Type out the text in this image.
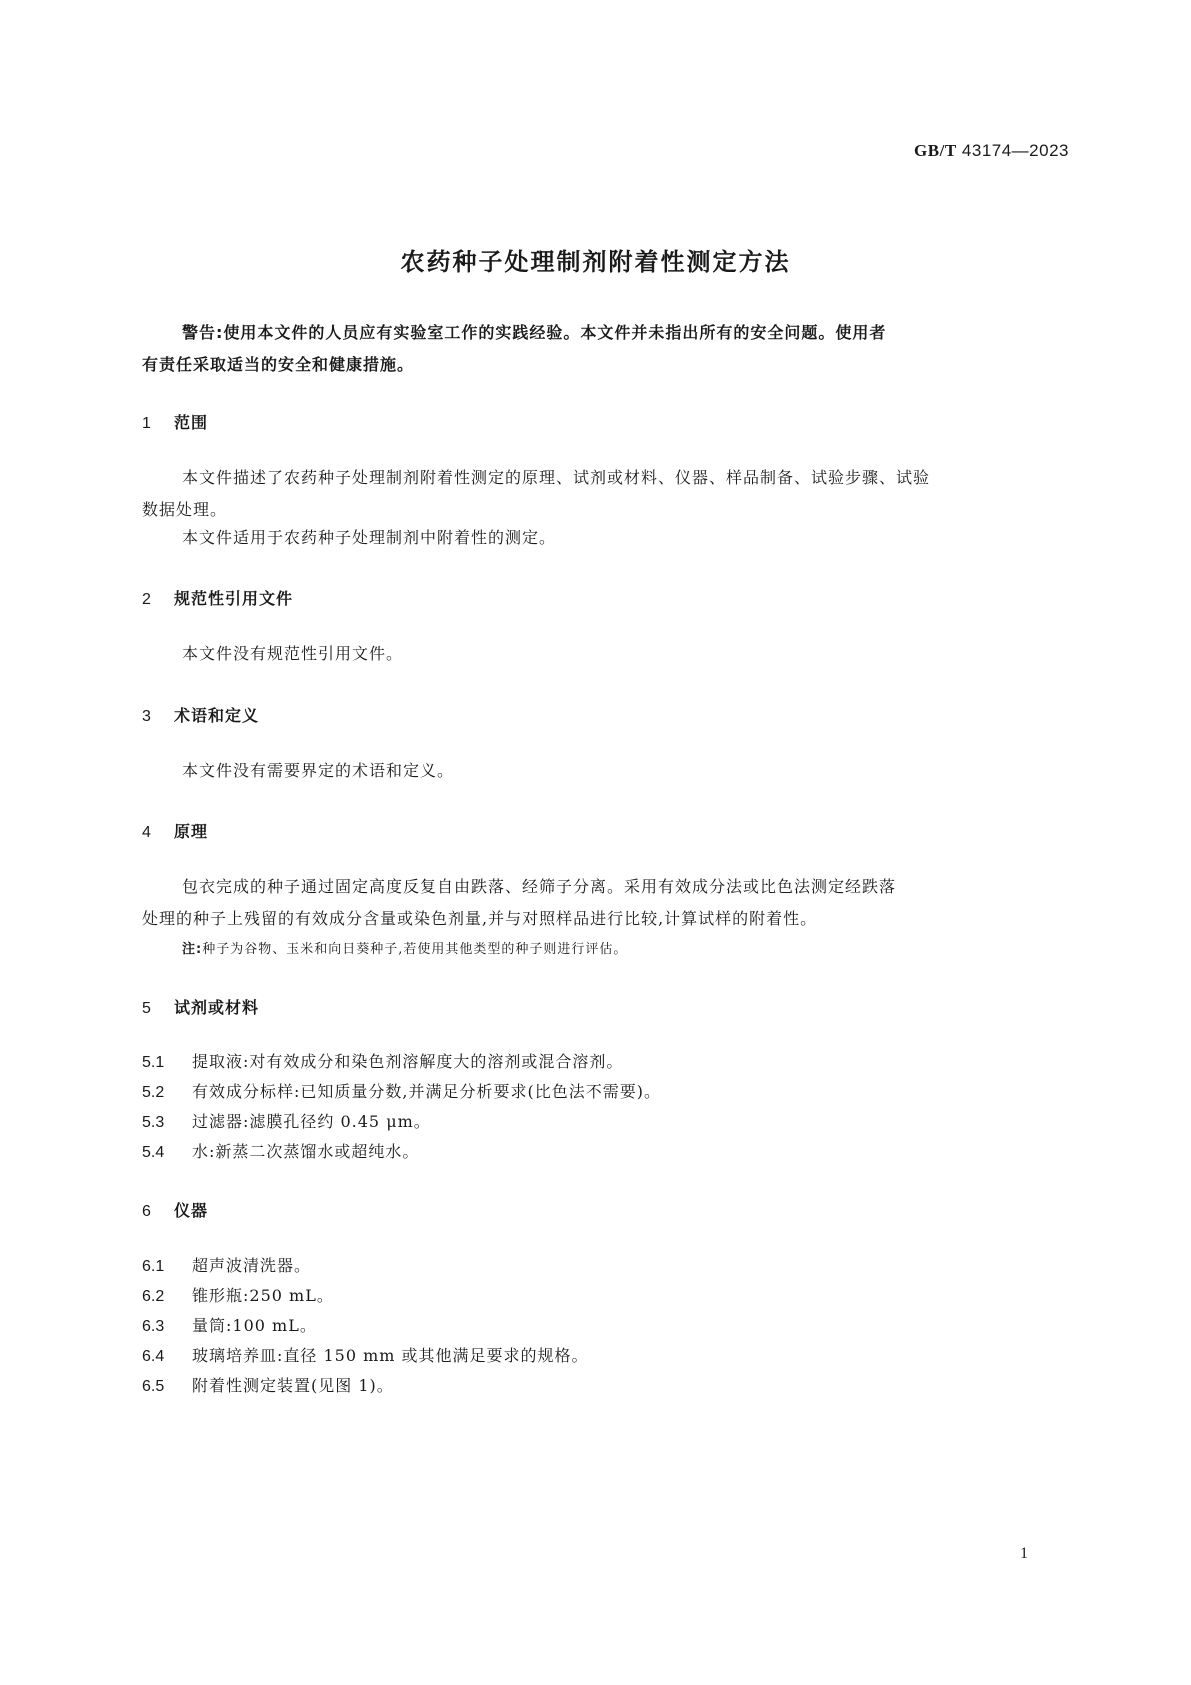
GB/T 43174—2023
农药种子处理制剂附着性测定方法
警告:使用本文件的人员应有实验室工作的实践经验。本文件并未指出所有的安全问题。使用者
有责任采取适当的安全和健康措施。
1 范围
本文件描述了农药种子处理制剂附着性测定的原理、试剂或材料、仪器、样品制备、试验步骤、试验
数据处理。
本文件适用于农药种子处理制剂中附着性的测定。
2 规范性引用文件
本文件没有规范性引用文件。
3 术语和定义
本文件没有需要界定的术语和定义。
4 原理
包衣完成的种子通过固定高度反复自由跌落、经筛子分离。采用有效成分法或比色法测定经跌落
处理的种子上残留的有效成分含量或染色剂量,并与对照样品进行比较,计算试样的附着性。
注:种子为谷物、玉米和向日葵种子,若使用其他类型的种子则进行评估。
5 试剂或材料
5.1 提取液:对有效成分和染色剂溶解度大的溶剂或混合溶剂。
5.2 有效成分标样:已知质量分数,并满足分析要求(比色法不需要)。
5.3 过滤器:滤膜孔径约 0.45 μm。
5.4 水:新蒸二次蒸馏水或超纯水。
6 仪器
6.1 超声波清洗器。
6.2 锥形瓶:250 mL。
6.3 量筒:100 mL。
6.4 玻璃培养皿:直径 150 mm 或其他满足要求的规格。
6.5 附着性测定装置(见图 1)。
1
